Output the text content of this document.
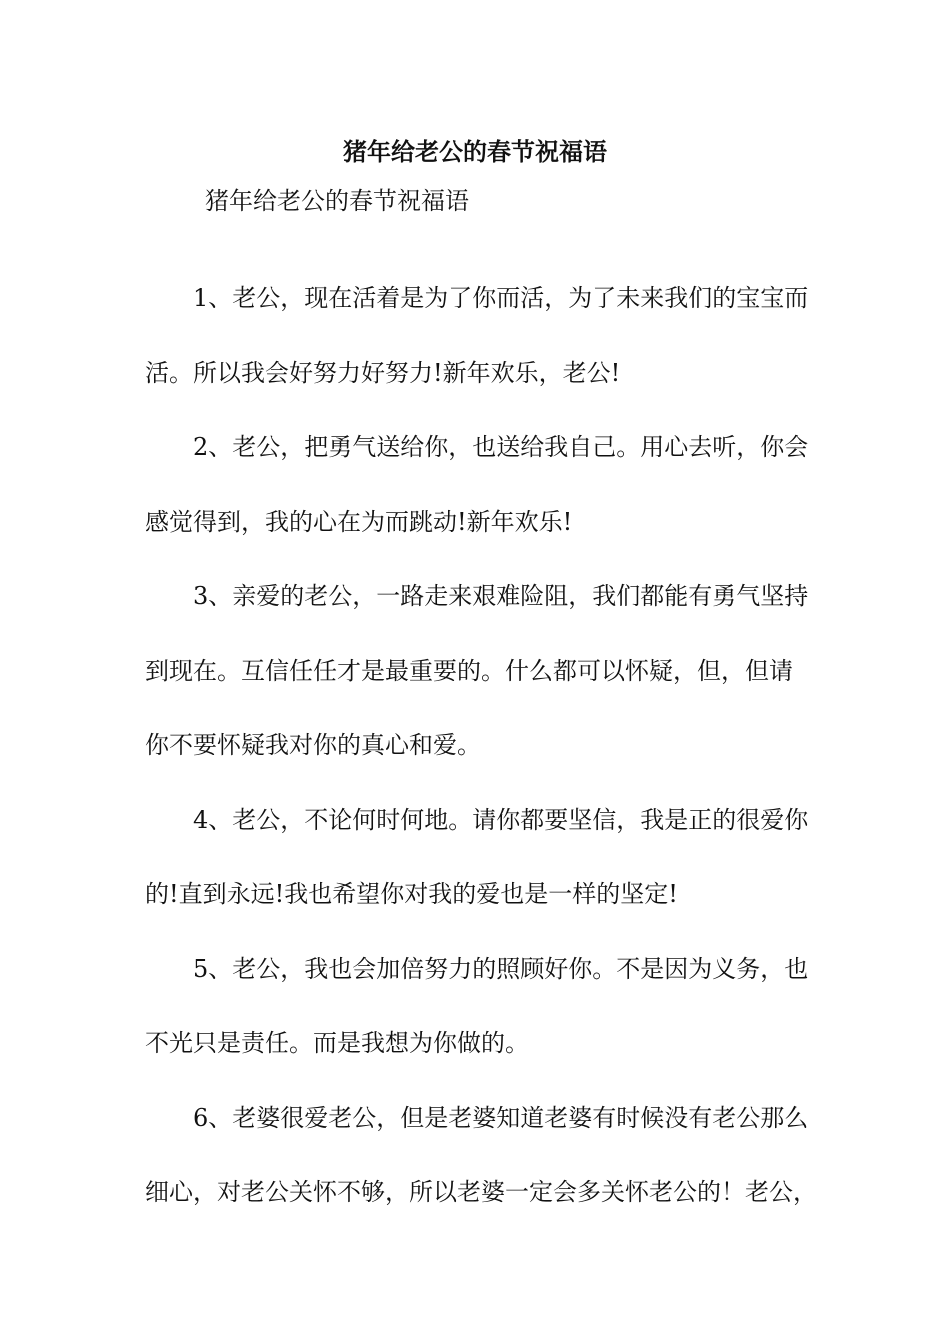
猪年给老公的春节祝福语
猪年给老公的春节祝福语
1、老公，现在活着是为了你而活，为了未来我们的宝宝而
活。所以我会好努力好努力!新年欢乐，老公!
2、老公，把勇气送给你，也送给我自己。用心去听，你会
感觉得到，我的心在为而跳动!新年欢乐!
3、亲爱的老公，一路走来艰难险阻，我们都能有勇气坚持
到现在。互信任任才是最重要的。什么都可以怀疑，但，但请
你不要怀疑我对你的真心和爱。
4、老公，不论何时何地。请你都要坚信，我是正的很爱你
的!直到永远!我也希望你对我的爱也是一样的坚定!
5、老公，我也会加倍努力的照顾好你。不是因为义务，也
不光只是责任。而是我想为你做的。
6、老婆很爱老公，但是老婆知道老婆有时候没有老公那么
细心，对老公关怀不够，所以老婆一定会多关怀老公的！老公，
